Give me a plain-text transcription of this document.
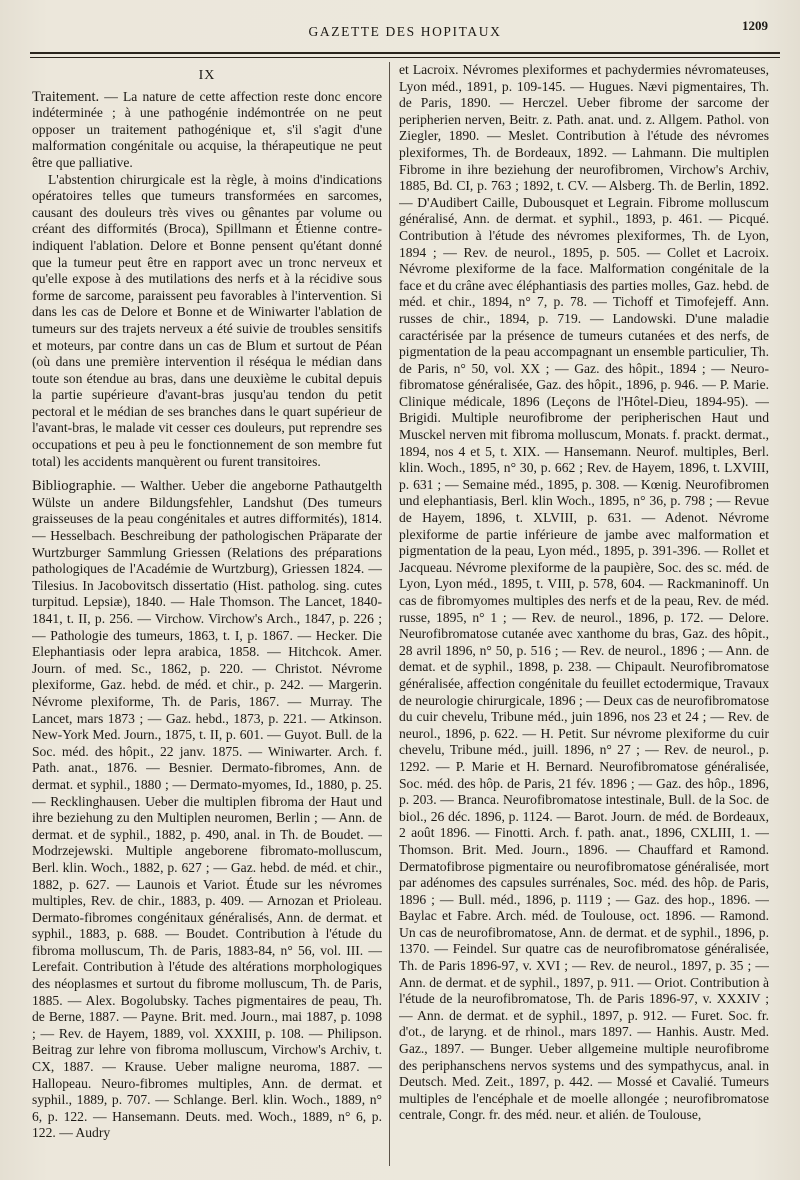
GAZETTE DES HOPITAUX	1209
IX

Traitement. — La nature de cette affection reste donc encore indéterminée ; à une pathogénie indémontrée on ne peut opposer un traitement pathogénique et, s'il s'agit d'une malformation congénitale ou acquise, la thérapeutique ne peut être que palliative.

L'abstention chirurgicale est la règle, à moins d'indications opératoires telles que tumeurs transformées en sarcomes, causant des douleurs très vives ou gênantes par volume ou créant des difformités (Broca), Spillmann et Étienne contre-indiquent l'ablation. Delore et Bonne pensent qu'étant donné que la tumeur peut être en rapport avec un tronc nerveux et qu'elle expose à des mutilations des nerfs et à la récidive sous forme de sarcome, paraissent peu favorables à l'intervention. Si dans les cas de Delore et Bonne et de Winiwarter l'ablation de tumeurs sur des trajets nerveux a été suivie de troubles sensitifs et moteurs, par contre dans un cas de Blum et surtout de Péan (où dans une première intervention il réséqua le médian dans toute son étendue au bras, dans une deuxième le cubital depuis la partie supérieure d'avant-bras jusqu'au tendon du petit pectoral et le médian de ses branches dans le quart supérieur de l'avant-bras, le malade vit cesser ces douleurs, put reprendre ses occupations et peu à peu le fonctionnement de son membre fut total) les accidents manquèrent ou furent transitoires.

Bibliographie. — Walther. Ueber die angeborne Pathautgelth Wülste un andere Bildungsfehler, Landshut (Des tumeurs graisseuses de la peau congénitales et autres difformités), 1814. — Hesselbach. Beschreibung der pathologischen Präparate der Wurtzburger Sammlung Griessen (Relations des préparations pathologiques de l'Académie de Wurtzburg), Griessen 1824. — Tilesius. In Jacobovitsch dissertatio (Hist. patholog. sing. cutes turpitud. Lepsiæ), 1840. — Hale Thomson. The Lancet, 1840-1841, t. II, p. 256. — Virchow. Virchow's Arch., 1847, p. 226 ; — Pathologie des tumeurs, 1863, t. I, p. 1867. — Hecker. Die Elephantiasis oder lepra arabica, 1858. — Hitchcok. Amer. Journ. of med. Sc., 1862, p. 220. — Christot. Névrome plexiforme, Gaz. hebd. de méd. et chir., p. 242. — Margerin. Névrome plexiforme, Th. de Paris, 1867. — Murray. The Lancet, mars 1873 ; — Gaz. hebd., 1873, p. 221. — Atkinson. New-York Med. Journ., 1875, t. II, p. 601. — Guyot. Bull. de la Soc. méd. des hôpit., 22 janv. 1875. — Winiwarter. Arch. f. Path. anat., 1876. — Besnier. Dermato-fibromes, Ann. de dermat. et syphil., 1880 ; — Dermato-myomes, Id., 1880, p. 25. — Recklinghausen. Ueber die multiplen fibroma der Haut und ihre beziehung zu den Multiplen neuromen, Berlin ; — Ann. de dermat. et de syphil., 1882, p. 490, anal. in Th. de Boudet. — Modrzejewski. Multiple angeborene fibromato-molluscum, Berl. klin. Woch., 1882, p. 627 ; — Gaz. hebd. de méd. et chir., 1882, p. 627. — Launois et Variot. Étude sur les névromes multiples, Rev. de chir., 1883, p. 409. — Arnozan et Prioleau. Dermato-fibromes congénitaux généralisés, Ann. de dermat. et syphil., 1883, p. 688. — Boudet. Contribution à l'étude du fibroma molluscum, Th. de Paris, 1883-84, n° 56, vol. III. — Lerefait. Contribution à l'étude des altérations morphologiques des néoplasmes et surtout du fibrome molluscum, Th. de Paris, 1885. — Alex. Bogolubsky. Taches pigmentaires de peau, Th. de Berne, 1887. — Payne. Brit. med. Journ., mai 1887, p. 1098 ; — Rev. de Hayem, 1889, vol. XXXIII, p. 108. — Philipson. Beitrag zur lehre von fibroma molluscum, Virchow's Archiv, t. CX, 1887. — Krause. Ueber maligne neuroma, 1887. — Hallopeau. Neuro-fibromes multiples, Ann. de dermat. et syphil., 1889, p. 707. — Schlange. Berl. klin. Woch., 1889, n° 6, p. 122. — Hansemann. Deuts. med. Woch., 1889, n° 6, p. 122. — Audry

et Lacroix. Névromes plexiformes et pachydermies névromateuses, Lyon méd., 1891, p. 109-145. — Hugues. Nævi pigmentaires, Th. de Paris, 1890. — Herczel. Ueber fibrome der sarcome der peripherien nerven, Beitr. z. Path. anat. und. z. Allgem. Pathol. von Ziegler, 1890. — Meslet. Contribution à l'étude des névromes plexiformes, Th. de Bordeaux, 1892. — Lahmann. Die multiplen Fibrome in ihre beziehung der neurofibromen, Virchow's Archiv, 1885, Bd. CI, p. 763 ; 1892, t. CV. — Alsberg. Th. de Berlin, 1892. — D'Audibert Caille, Dubousquet et Legrain. Fibrome molluscum généralisé, Ann. de dermat. et syphil., 1893, p. 461. — Picqué. Contribution à l'étude des névromes plexiformes, Th. de Lyon, 1894 ; — Rev. de neurol., 1895, p. 505. — Collet et Lacroix. Névrome plexiforme de la face. Malformation congénitale de la face et du crâne avec éléphantiasis des parties molles, Gaz. hebd. de méd. et chir., 1894, n° 7, p. 78. — Tichoff et Timofejeff. Ann. russes de chir., 1894, p. 719. — Landowski. D'une maladie caractérisée par la présence de tumeurs cutanées et des nerfs, de pigmentation de la peau accompagnant un ensemble particulier, Th. de Paris, n° 50, vol. XX ; — Gaz. des hôpit., 1894 ; — Neuro-fibromatose généralisée, Gaz. des hôpit., 1896, p. 946. — P. Marie. Clinique médicale, 1896 (Leçons de l'Hôtel-Dieu, 1894-95). — Brigidi. Multiple neurofibrome der peripherischen Haut und Musckel nerven mit fibroma molluscum, Monats. f. prackt. dermat., 1894, nos 4 et 5, t. XIX. — Hansemann. Neurof. multiples, Berl. klin. Woch., 1895, n° 30, p. 662 ; Rev. de Hayem, 1896, t. LXVIII, p. 631 ; — Semaine méd., 1895, p. 308. — Kœnig. Neurofibromen und elephantiasis, Berl. klin Woch., 1895, n° 36, p. 798 ; — Revue de Hayem, 1896, t. XLVIII, p. 631. — Adenot. Névrome plexiforme de partie inférieure de jambe avec malformation et pigmentation de la peau, Lyon méd., 1895, p. 391-396. — Rollet et Jacqueau. Névrome plexiforme de la paupière, Soc. des sc. méd. de Lyon, Lyon méd., 1895, t. VIII, p. 578, 604. — Rackmaninoff. Un cas de fibromyomes multiples des nerfs et de la peau, Rev. de méd. russe, 1895, n° 1 ; — Rev. de neurol., 1896, p. 172. — Delore. Neurofibromatose cutanée avec xanthome du bras, Gaz. des hôpit., 28 avril 1896, n° 50, p. 516 ; — Rev. de neurol., 1896 ; — Ann. de demat. et de syphil., 1898, p. 238. — Chipault. Neurofibromatose généralisée, affection congénitale du feuillet ectodermique, Travaux de neurologie chirurgicale, 1896 ; — Deux cas de neurofibromatose du cuir chevelu, Tribune méd., juin 1896, nos 23 et 24 ; — Rev. de neurol., 1896, p. 622. — H. Petit. Sur névrome plexiforme du cuir chevelu, Tribune méd., juill. 1896, n° 27 ; — Rev. de neurol., p. 1292. — P. Marie et H. Bernard. Neurofibromatose généralisée, Soc. méd. des hôp. de Paris, 21 fév. 1896 ; — Gaz. des hôp., 1896, p. 203. — Branca. Neurofibromatose intestinale, Bull. de la Soc. de biol., 26 déc. 1896, p. 1124. — Barot. Journ. de méd. de Bordeaux, 2 août 1896. — Finotti. Arch. f. path. anat., 1896, CXLIII, 1. — Thomson. Brit. Med. Journ., 1896. — Chauffard et Ramond. Dermatofibrose pigmentaire ou neurofibromatose généralisée, mort par adénomes des capsules surrénales, Soc. méd. des hôp. de Paris, 1896 ; — Bull. méd., 1896, p. 1119 ; — Gaz. des hop., 1896. — Baylac et Fabre. Arch. méd. de Toulouse, oct. 1896. — Ramond. Un cas de neurofibromatose, Ann. de dermat. et de syphil., 1896, p. 1370. — Feindel. Sur quatre cas de neurofibromatose généralisée, Th. de Paris 1896-97, v. XVI ; — Rev. de neurol., 1897, p. 35 ; — Ann. de dermat. et de syphil., 1897, p. 911. — Oriot. Contribution à l'étude de la neurofibromatose, Th. de Paris 1896-97, v. XXXIV ; — Ann. de dermat. et de syphil., 1897, p. 912. — Furet. Soc. fr. d'ot., de laryng. et de rhinol., mars 1897. — Hanhis. Austr. Med. Gaz., 1897. — Bunger. Ueber allgemeine multiple neurofibrome des periphanschens nervos systems und des sympathycus, anal. in Deutsch. Med. Zeit., 1897, p. 442. — Mossé et Cavalié. Tumeurs multiples de l'encéphale et de moelle allongée ; neurofibromatose centrale, Congr. fr. des méd. neur. et alién. de Toulouse,
